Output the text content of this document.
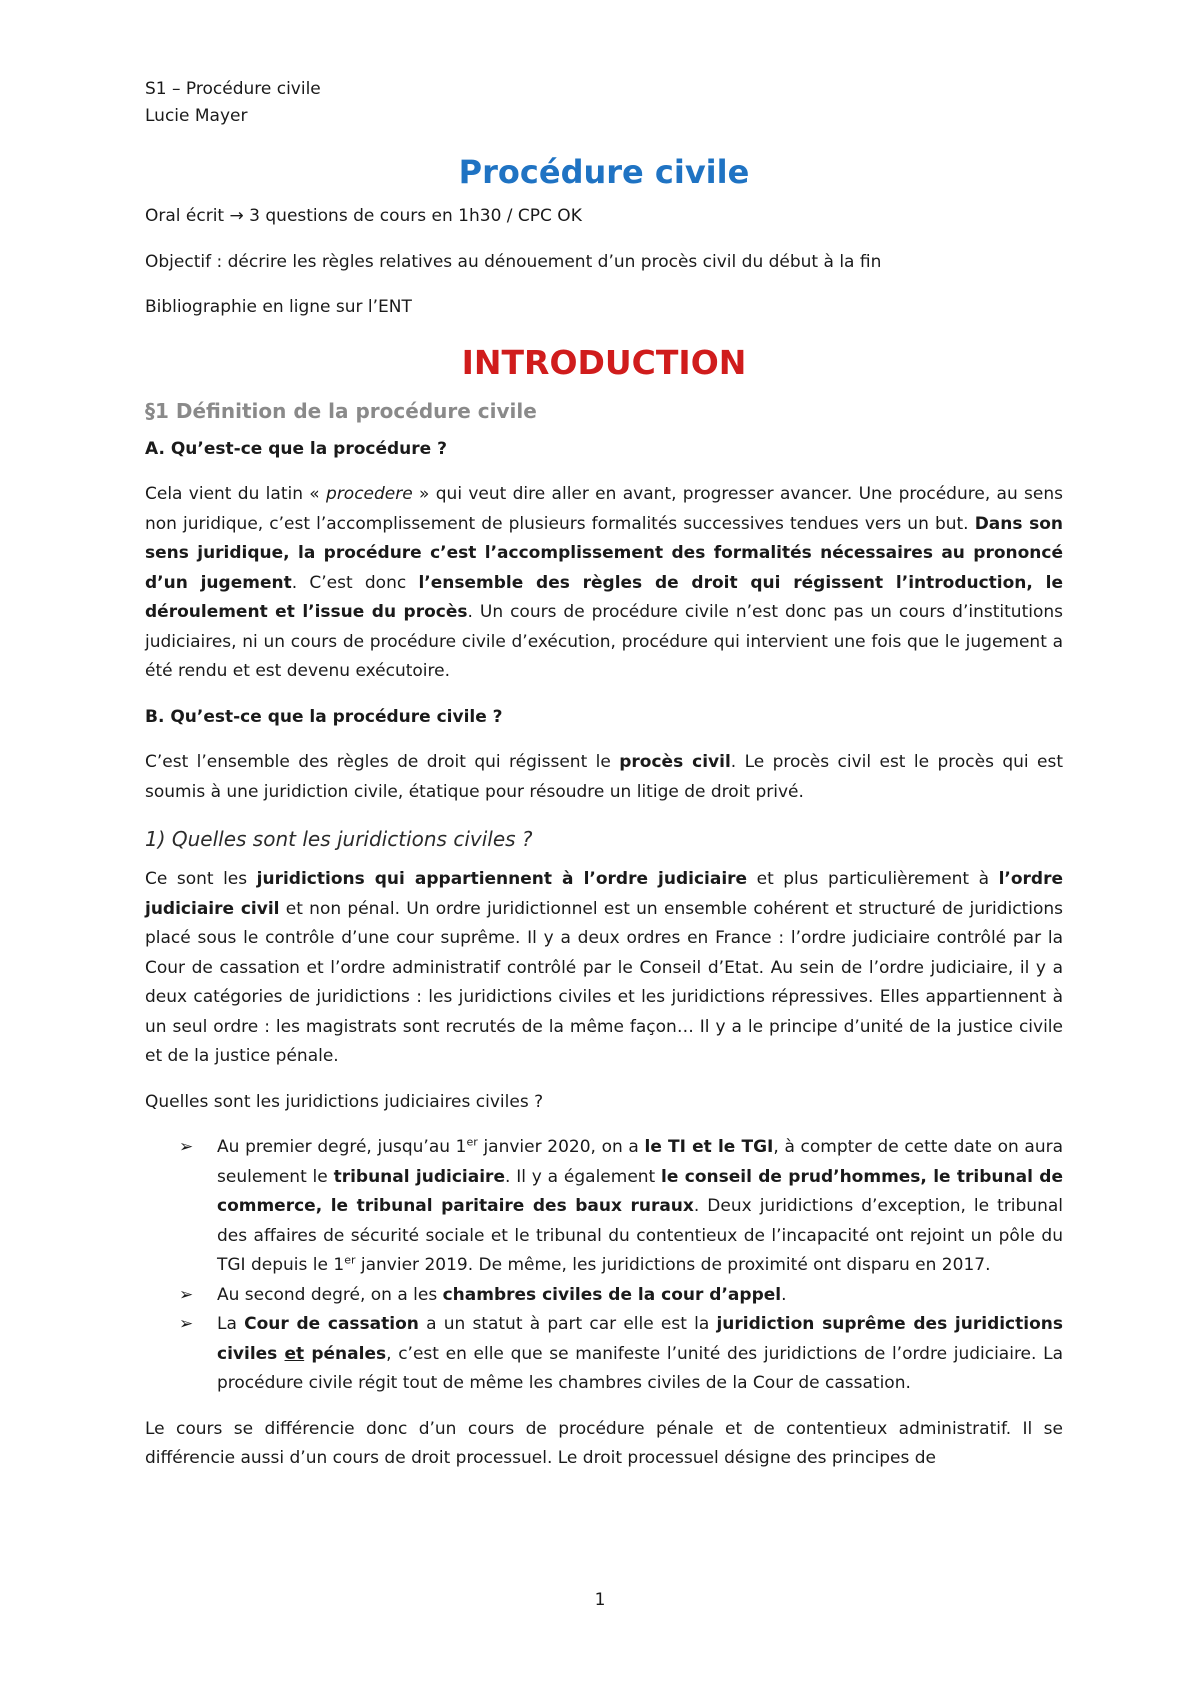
S1 – Procédure civile
Lucie Mayer
Procédure civile

Oral écrit → 3 questions de cours en 1h30 / CPC OK

Objectif : décrire les règles relatives au dénouement d’un procès civil du début à la fin

Bibliographie en ligne sur l’ENT

INTRODUCTION
§1 Définition de la procédure civile

A. Qu’est-ce que la procédure ?

Cela vient du latin « procedere » qui veut dire aller en avant, progresser avancer. Une procédure, au sens non juridique, c’est l’accomplissement de plusieurs formalités successives tendues vers un but. Dans son sens juridique, la procédure c’est l’accomplissement des formalités nécessaires au prononcé d’un jugement. C’est donc l’ensemble des règles de droit qui régissent l’introduction, le déroulement et l’issue du procès. Un cours de procédure civile n’est donc pas un cours d’institutions judiciaires, ni un cours de procédure civile d’exécution, procédure qui intervient une fois que le jugement a été rendu et est devenu exécutoire.

B. Qu’est-ce que la procédure civile ?

C’est l’ensemble des règles de droit qui régissent le procès civil. Le procès civil est le procès qui est soumis à une juridiction civile, étatique pour résoudre un litige de droit privé.

1) Quelles sont les juridictions civiles ?

Ce sont les juridictions qui appartiennent à l’ordre judiciaire et plus particulièrement à l’ordre judiciaire civil et non pénal. Un ordre juridictionnel est un ensemble cohérent et structuré de juridictions placé sous le contrôle d’une cour suprême. Il y a deux ordres en France : l’ordre judiciaire contrôlé par la Cour de cassation et l’ordre administratif contrôlé par le Conseil d’Etat. Au sein de l’ordre judiciaire, il y a deux catégories de juridictions : les juridictions civiles et les juridictions répressives. Elles appartiennent à un seul ordre : les magistrats sont recrutés de la même façon… Il y a le principe d’unité de la justice civile et de la justice pénale.

Quelles sont les juridictions judiciaires civiles ?

➢ Au premier degré, jusqu’au 1er janvier 2020, on a le TI et le TGI, à compter de cette date on aura seulement le tribunal judiciaire. Il y a également le conseil de prud’hommes, le tribunal de commerce, le tribunal paritaire des baux ruraux. Deux juridictions d’exception, le tribunal des affaires de sécurité sociale et le tribunal du contentieux de l’incapacité ont rejoint un pôle du TGI depuis le 1er janvier 2019. De même, les juridictions de proximité ont disparu en 2017.
➢ Au second degré, on a les chambres civiles de la cour d’appel.
➢ La Cour de cassation a un statut à part car elle est la juridiction suprême des juridictions civiles et pénales, c’est en elle que se manifeste l’unité des juridictions de l’ordre judiciaire. La procédure civile régit tout de même les chambres civiles de la Cour de cassation.

Le cours se différencie donc d’un cours de procédure pénale et de contentieux administratif. Il se différencie aussi d’un cours de droit processuel. Le droit processuel désigne des principes de

1
